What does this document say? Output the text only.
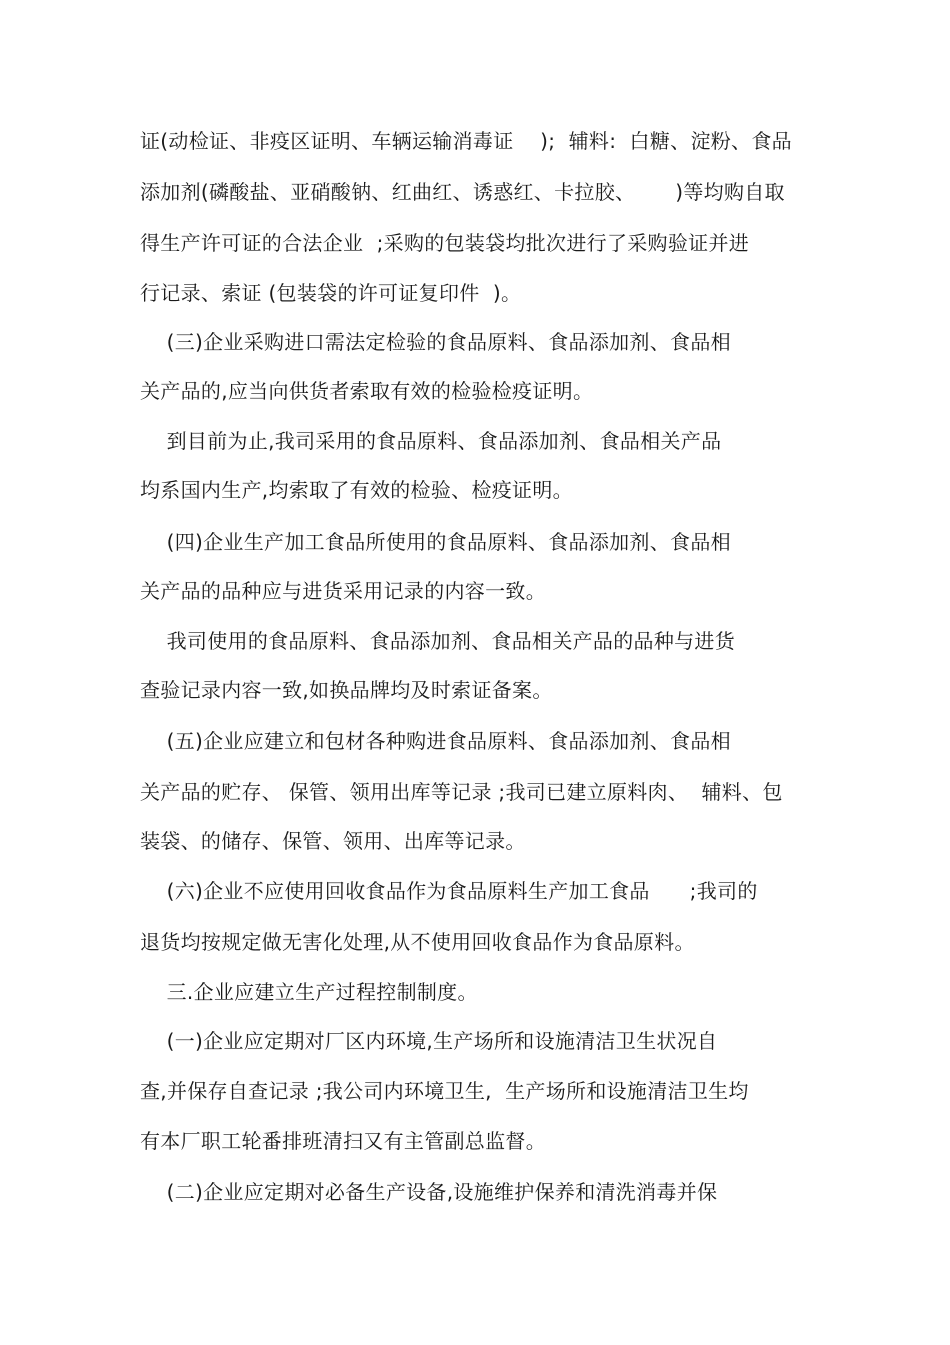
证(动检证、非疫区证明、车辆运输消毒证    );  辅料:  白糖、淀粉、食品
添加剂(磷酸盐、亚硝酸钠、红曲红、诱惑红、卡拉胶、      )等均购自取
得生产许可证的合法企业  ;采购的包装袋均批次进行了采购验证并进
行记录、索证 (包装袋的许可证复印件  )。
(三)企业采购进口需法定检验的食品原料、食品添加剂、食品相
关产品的,应当向供货者索取有效的检验检疫证明。
到目前为止,我司采用的食品原料、食品添加剂、食品相关产品
均系国内生产,均索取了有效的检验、检疫证明。
(四)企业生产加工食品所使用的食品原料、食品添加剂、食品相
关产品的品种应与进货采用记录的内容一致。
我司使用的食品原料、食品添加剂、食品相关产品的品种与进货
查验记录内容一致,如换品牌均及时索证备案。
(五)企业应建立和包材各种购进食品原料、食品添加剂、食品相
关产品的贮存、 保管、领用出库等记录 ;我司已建立原料肉、  辅料、包
装袋、的储存、保管、领用、出库等记录。
(六)企业不应使用回收食品作为食品原料生产加工食品      ;我司的
退货均按规定做无害化处理,从不使用回收食品作为食品原料。
三.企业应建立生产过程控制制度。
(一)企业应定期对厂区内环境,生产场所和设施清洁卫生状况自
查,并保存自查记录 ;我公司内环境卫生,  生产场所和设施清洁卫生均
有本厂职工轮番排班清扫又有主管副总监督。
(二)企业应定期对必备生产设备,设施维护保养和清洗消毒并保
